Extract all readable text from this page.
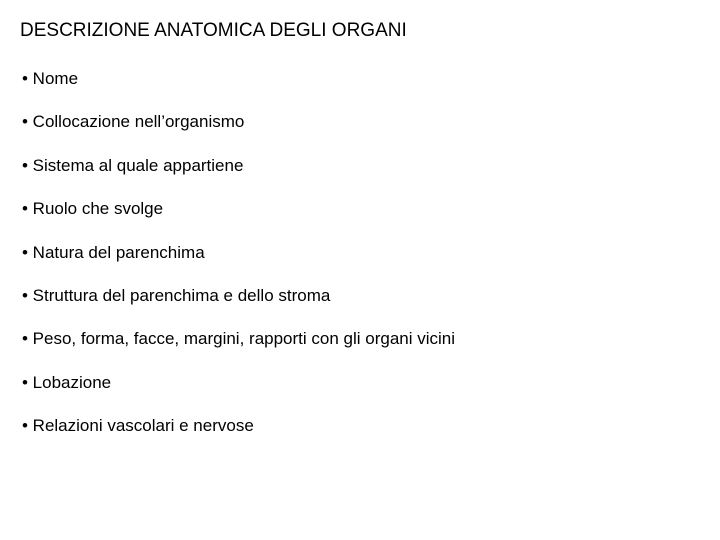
DESCRIZIONE ANATOMICA DEGLI ORGANI
• Nome
• Collocazione nell’organismo
• Sistema al quale appartiene
• Ruolo che svolge
• Natura del parenchima
• Struttura del parenchima e dello stroma
• Peso, forma, facce, margini, rapporti con gli organi vicini
• Lobazione
• Relazioni vascolari e nervose
